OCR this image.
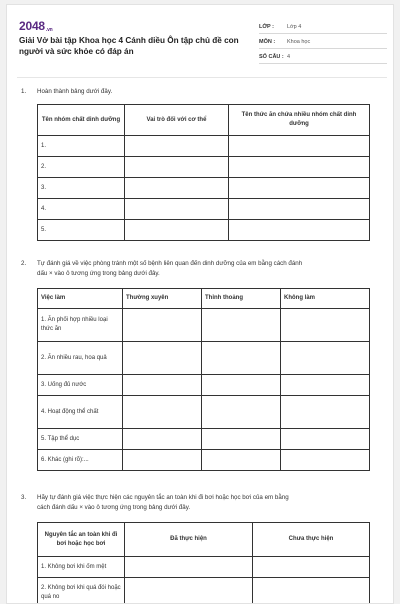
2048.vn
Giải Vở bài tập Khoa học 4 Cánh diều Ôn tập chủ đề con người và sức khỏe có đáp án
LỚP :	Lớp 4
MÔN :	Khoa học
SỐ CÂU : 4
1. Hoàn thành bảng dưới đây.
Tên nhóm chất dinh dưỡng	Vai trò đối với cơ thể	Tên thức ăn chứa nhiều nhóm chất dinh dưỡng
1.		
2.		
3.		
4.		
5.		
2. Tự đánh giá về việc phòng tránh một số bệnh liên quan đến dinh dưỡng của em bằng cách đánh
dấu × vào ô tương ứng trong bảng dưới đây.
Việc làm	Thường xuyên	Thỉnh thoảng	Không làm
1. Ăn phối hợp nhiều loại thức ăn			
2. Ăn nhiều rau, hoa quả			
3. Uống đủ nước			
4. Hoạt động thể chất			
5. Tập thể dục			
6. Khác (ghi rõ):...			
3. Hãy tự đánh giá việc thực hiện các nguyên tắc an toàn khi đi bơi hoặc học bơi của em bằng
cách đánh dấu × vào ô tương ứng trong bảng dưới đây.
Nguyên tắc an toàn khi đi bơi hoặc học bơi	Đã thực hiện	Chưa thực hiện
1. Không bơi khi ốm mệt		
2. Không bơi khi quá đói hoặc quá no		
